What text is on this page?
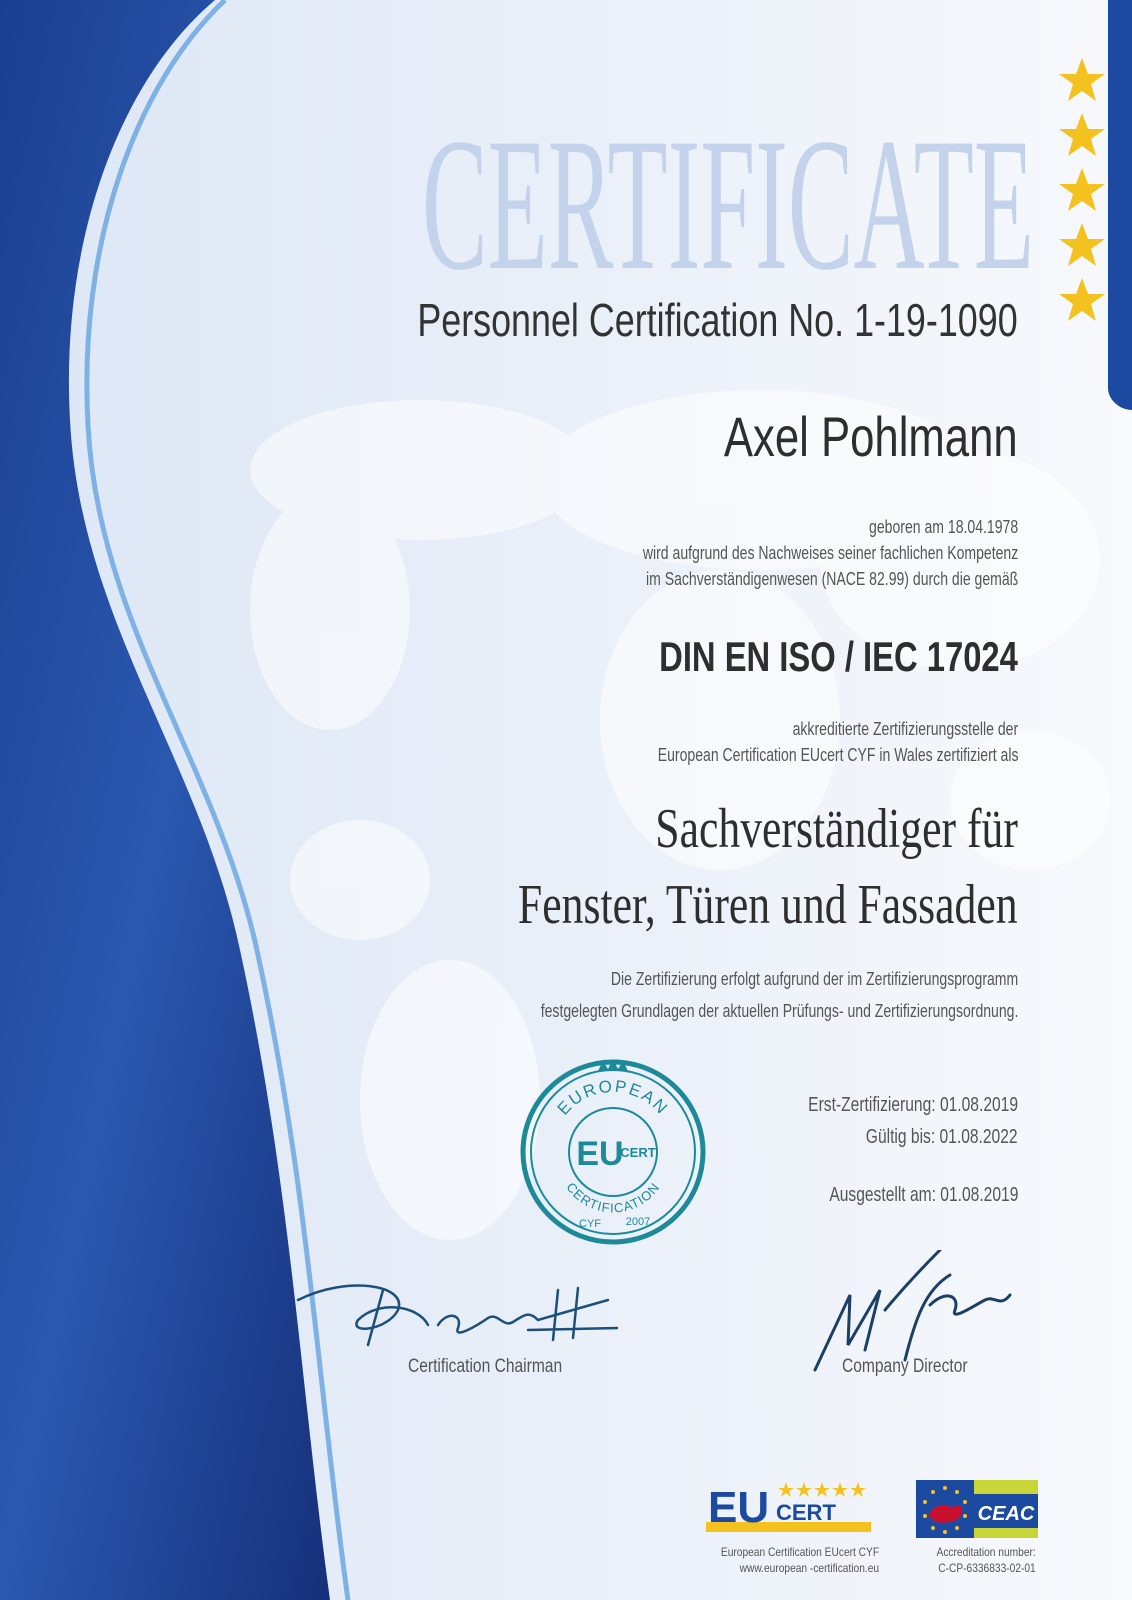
CERTIFICATE

Personnel Certification No. 1-19-1090

Axel Pohlmann

geboren am 18.04.1978

wird aufgrund des Nachweises seiner fachlichen Kompetenz

im Sachverständigenwesen (NACE 82.99) durch die gemäß

DIN EN ISO / IEC 17024

akkreditierte Zertifizierungsstelle der

European Certification EUcert CYF in Wales zertifiziert als

Sachverständiger für

Fenster, Türen und Fassaden

Die Zertifizierung erfolgt aufgrund der im Zertifizierungsprogramm

festgelegten Grundlagen der aktuellen Prüfungs- und Zertifizierungsordnung.

Erst-Zertifizierung: 01.08.2019

Gültig bis: 01.08.2022

Ausgestellt am: 01.08.2019

EUROPEAN
EU
CERT
CERTIFICATION
CYF 2007
Certification Chairman	Company Director
EU CERT	CEAC
European Certification EUcert CYF
www.european -certification.eu
Accreditation number:
C-CP-6336833-02-01
